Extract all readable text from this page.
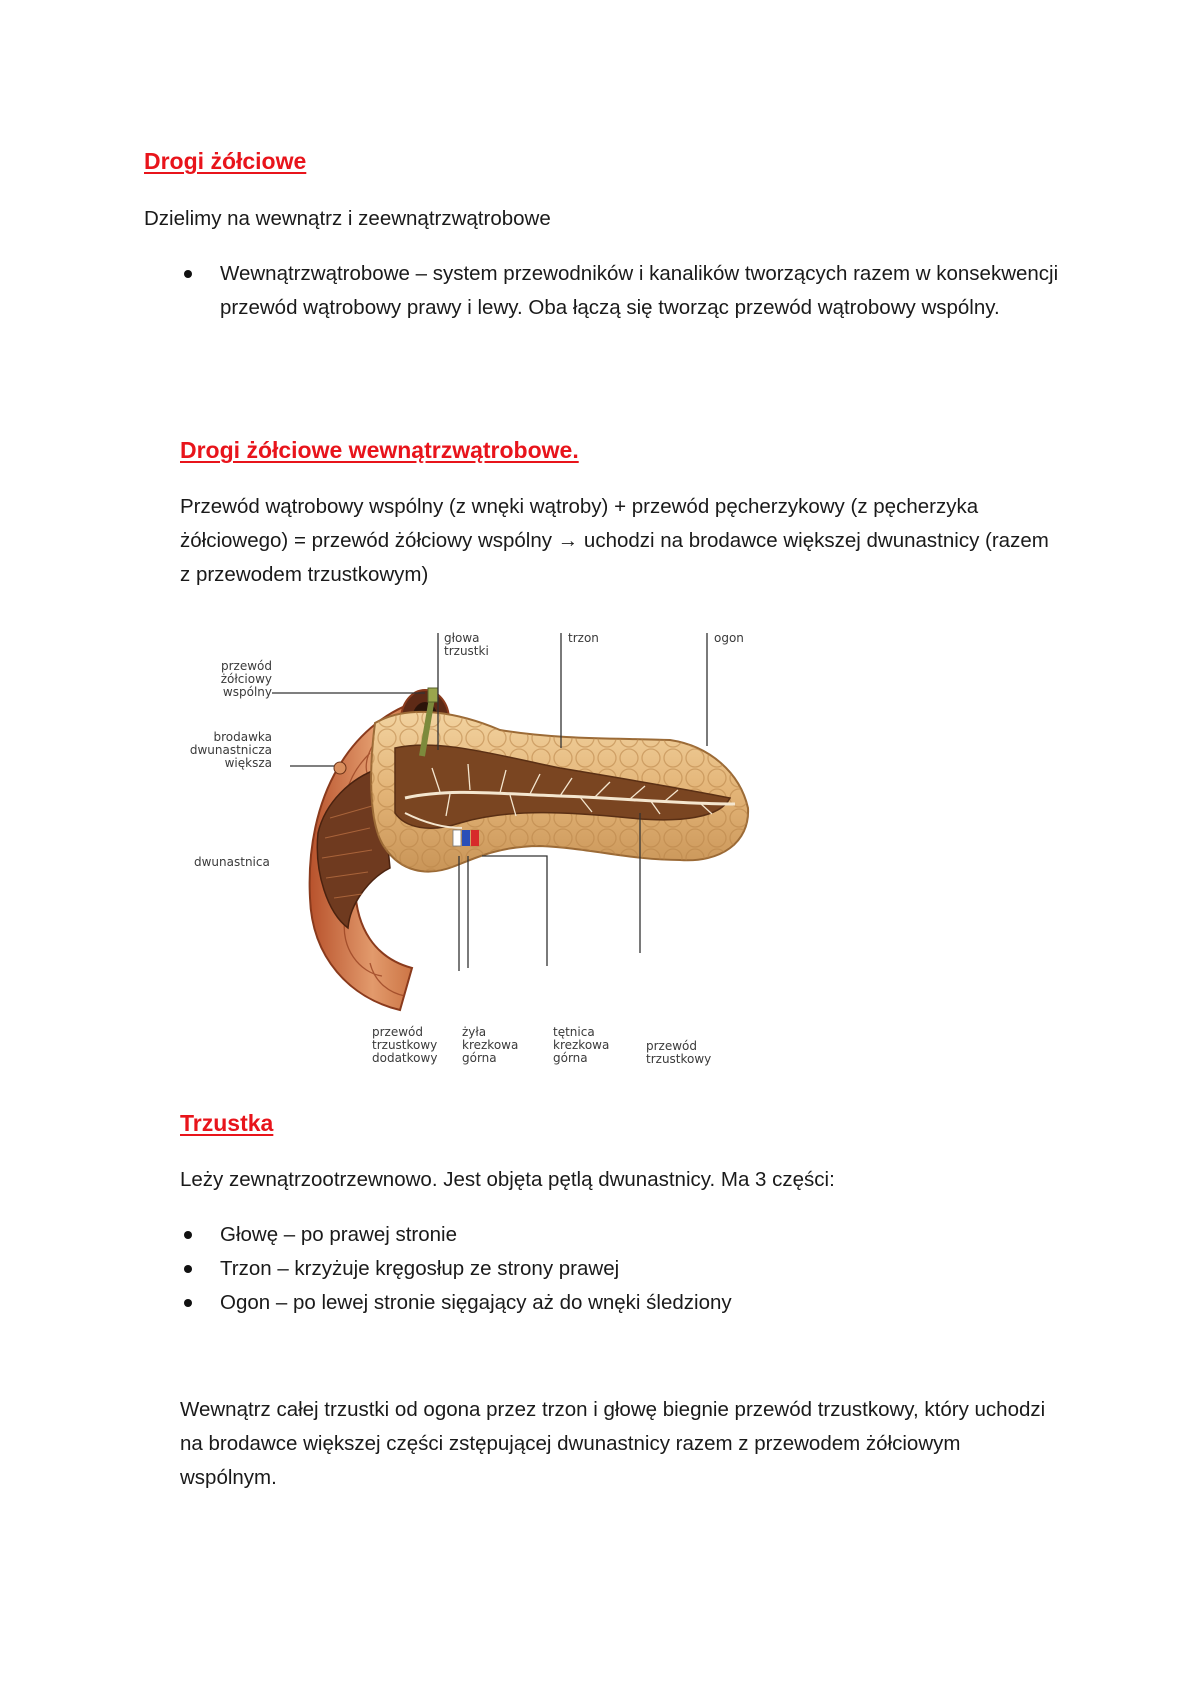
Drogi żółciowe
Dzielimy na wewnątrz i zeewnątrzwątrobowe
Wewnątrzwątrobowe – system przewodników i kanalików tworzących razem w konsekwencji przewód wątrobowy prawy i lewy. Oba łączą się tworząc przewód wątrobowy wspólny.
Drogi żółciowe wewnątrzwątrobowe.
Przewód wątrobowy wspólny (z wnęki wątroby) + przewód pęcherzykowy (z pęcherzyka żółciowego) = przewód żółciowy wspólny → uchodzi na brodawce większej dwunastnicy (razem z przewodem trzustkowym)
głowa
trzustki
trzon	ogon
przewód
żółciowy
wspólny
brodawka
dwunastnicza
większa
dwunastnica
przewód
trzustkowy
dodatkowy
żyła
krezkowa
górna
tętnica
krezkowa
górna
przewód
trzustkowy
Trzustka
Leży zewnątrzootrzewnowo. Jest objęta pętlą dwunastnicy. Ma 3 części:
Głowę – po prawej stronie
Trzon – krzyżuje kręgosłup ze strony prawej
Ogon – po lewej stronie sięgający aż do wnęki śledziony
Wewnątrz całej trzustki od ogona przez trzon i głowę biegnie przewód trzustkowy, który uchodzi na brodawce większej części zstępującej dwunastnicy razem z przewodem żółciowym wspólnym.
